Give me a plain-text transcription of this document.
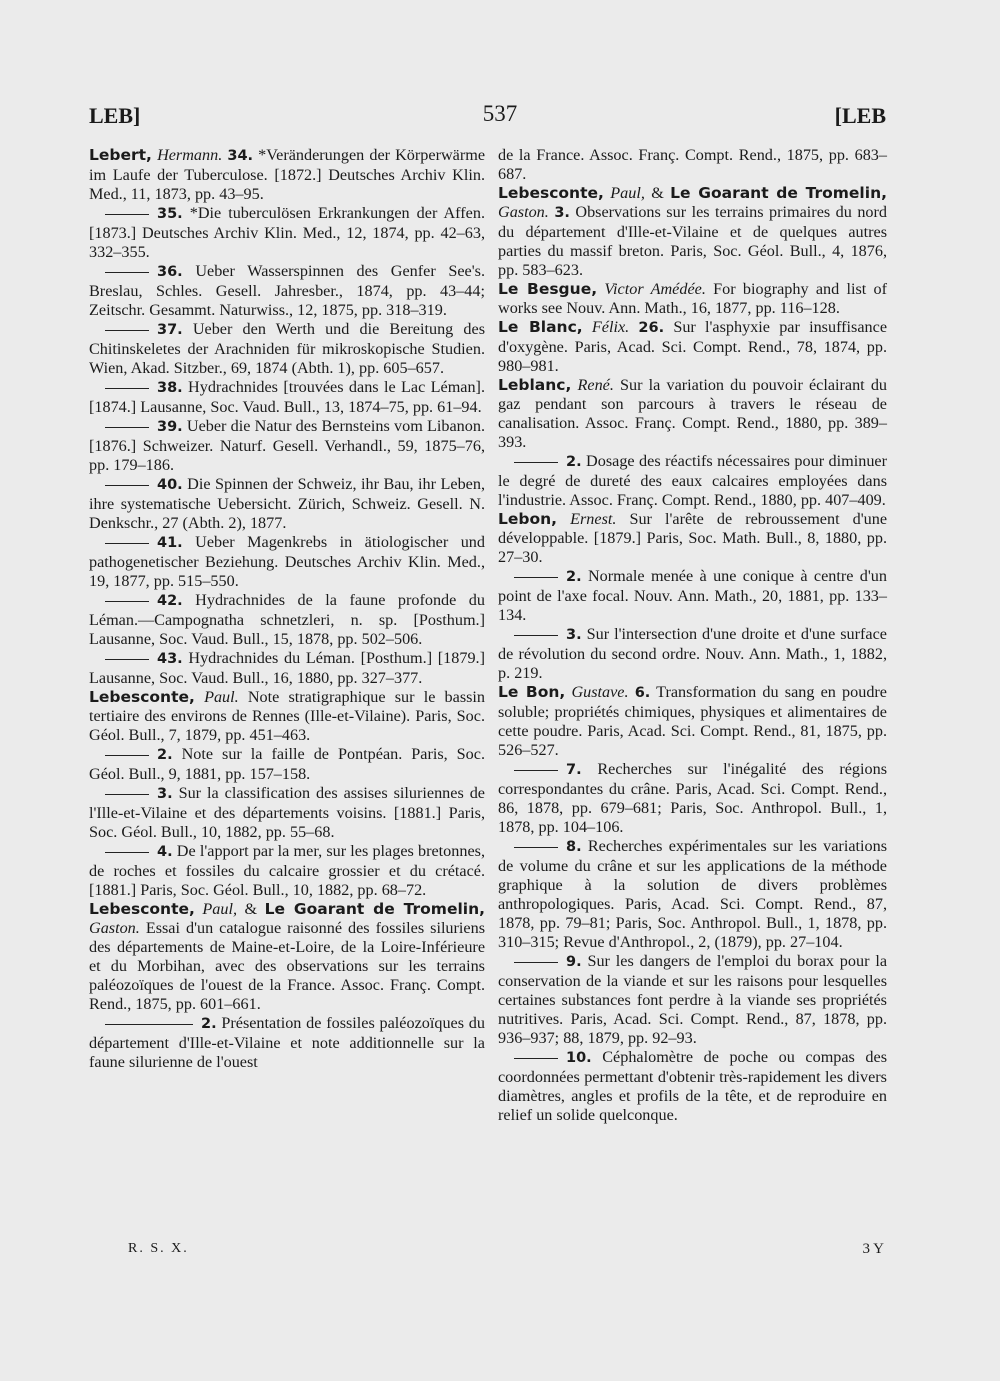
LEB]	537	[LEB

Lebert, Hermann. 34. *Veränderungen der Körperwärme im Laufe der Tuberculose. [1872.] Deutsches Archiv Klin. Med., 11, 1873, pp. 43–95.

35. *Die tuberculösen Erkrankungen der Affen. [1873.] Deutsches Archiv Klin. Med., 12, 1874, pp. 42–63, 332–355.

36. Ueber Wasserspinnen des Genfer See's. Breslau, Schles. Gesell. Jahresber., 1874, pp. 43–44; Zeitschr. Gesammt. Naturwiss., 12, 1875, pp. 318–319.

37. Ueber den Werth und die Bereitung des Chitinskeletes der Arachniden für mikroskopische Studien. Wien, Akad. Sitzber., 69, 1874 (Abth. 1), pp. 605–657.

38. Hydrachnides [trouvées dans le Lac Léman]. [1874.] Lausanne, Soc. Vaud. Bull., 13, 1874–75, pp. 61–94.

39. Ueber die Natur des Bernsteins vom Libanon. [1876.] Schweizer. Naturf. Gesell. Verhandl., 59, 1875–76, pp. 179–186.

40. Die Spinnen der Schweiz, ihr Bau, ihr Leben, ihre systematische Uebersicht. Zürich, Schweiz. Gesell. N. Denkschr., 27 (Abth. 2), 1877.

41. Ueber Magenkrebs in ätiologischer und pathogenetischer Beziehung. Deutsches Archiv Klin. Med., 19, 1877, pp. 515–550.

42. Hydrachnides de la faune profonde du Léman.—Campognatha schnetzleri, n. sp. [Posthum.] Lausanne, Soc. Vaud. Bull., 15, 1878, pp. 502–506.

43. Hydrachnides du Léman. [Posthum.] [1879.] Lausanne, Soc. Vaud. Bull., 16, 1880, pp. 327–377.

Lebesconte, Paul. Note stratigraphique sur le bassin tertiaire des environs de Rennes (Ille-et-Vilaine). Paris, Soc. Géol. Bull., 7, 1879, pp. 451–463.

2. Note sur la faille de Pontpéan. Paris, Soc. Géol. Bull., 9, 1881, pp. 157–158.

3. Sur la classification des assises siluriennes de l'Ille-et-Vilaine et des départements voisins. [1881.] Paris, Soc. Géol. Bull., 10, 1882, pp. 55–68.

4. De l'apport par la mer, sur les plages bretonnes, de roches et fossiles du calcaire grossier et du crétacé. [1881.] Paris, Soc. Géol. Bull., 10, 1882, pp. 68–72.

Lebesconte, Paul, & Le Goarant de Tromelin, Gaston. Essai d'un catalogue raisonné des fossiles siluriens des départements de Maine-et-Loire, de la Loire-Inférieure et du Morbihan, avec des observations sur les terrains paléozoïques de l'ouest de la France. Assoc. Franç. Compt. Rend., 1875, pp. 601–661.

2. Présentation de fossiles paléozoïques du département d'Ille-et-Vilaine et note additionnelle sur la faune silurienne de l'ouest

de la France. Assoc. Franç. Compt. Rend., 1875, pp. 683–687.

Lebesconte, Paul, & Le Goarant de Tromelin, Gaston. 3. Observations sur les terrains primaires du nord du département d'Ille-et-Vilaine et de quelques autres parties du massif breton. Paris, Soc. Géol. Bull., 4, 1876, pp. 583–623.

Le Besgue, Victor Amédée. For biography and list of works see Nouv. Ann. Math., 16, 1877, pp. 116–128.

Le Blanc, Félix. 26. Sur l'asphyxie par insuffisance d'oxygène. Paris, Acad. Sci. Compt. Rend., 78, 1874, pp. 980–981.

Leblanc, René. Sur la variation du pouvoir éclairant du gaz pendant son parcours à travers le réseau de canalisation. Assoc. Franç. Compt. Rend., 1880, pp. 389–393.

2. Dosage des réactifs nécessaires pour diminuer le degré de dureté des eaux calcaires employées dans l'industrie. Assoc. Franç. Compt. Rend., 1880, pp. 407–409.

Lebon, Ernest. Sur l'arête de rebroussement d'une développable. [1879.] Paris, Soc. Math. Bull., 8, 1880, pp. 27–30.

2. Normale menée à une conique à centre d'un point de l'axe focal. Nouv. Ann. Math., 20, 1881, pp. 133–134.

3. Sur l'intersection d'une droite et d'une surface de révolution du second ordre. Nouv. Ann. Math., 1, 1882, p. 219.

Le Bon, Gustave. 6. Transformation du sang en poudre soluble; propriétés chimiques, physiques et alimentaires de cette poudre. Paris, Acad. Sci. Compt. Rend., 81, 1875, pp. 526–527.

7. Recherches sur l'inégalité des régions correspondantes du crâne. Paris, Acad. Sci. Compt. Rend., 86, 1878, pp. 679–681; Paris, Soc. Anthropol. Bull., 1, 1878, pp. 104–106.

8. Recherches expérimentales sur les variations de volume du crâne et sur les applications de la méthode graphique à la solution de divers problèmes anthropologiques. Paris, Acad. Sci. Compt. Rend., 87, 1878, pp. 79–81; Paris, Soc. Anthropol. Bull., 1, 1878, pp. 310–315; Revue d'Anthropol., 2, (1879), pp. 27–104.

9. Sur les dangers de l'emploi du borax pour la conservation de la viande et sur les raisons pour lesquelles certaines substances font perdre à la viande ses propriétés nutritives. Paris, Acad. Sci. Compt. Rend., 87, 1878, pp. 936–937; 88, 1879, pp. 92–93.

10. Céphalomètre de poche ou compas des coordonnées permettant d'obtenir très-rapidement les divers diamètres, angles et profils de la tête, et de reproduire en relief un solide quelconque.

R. S. X.	3 Y
